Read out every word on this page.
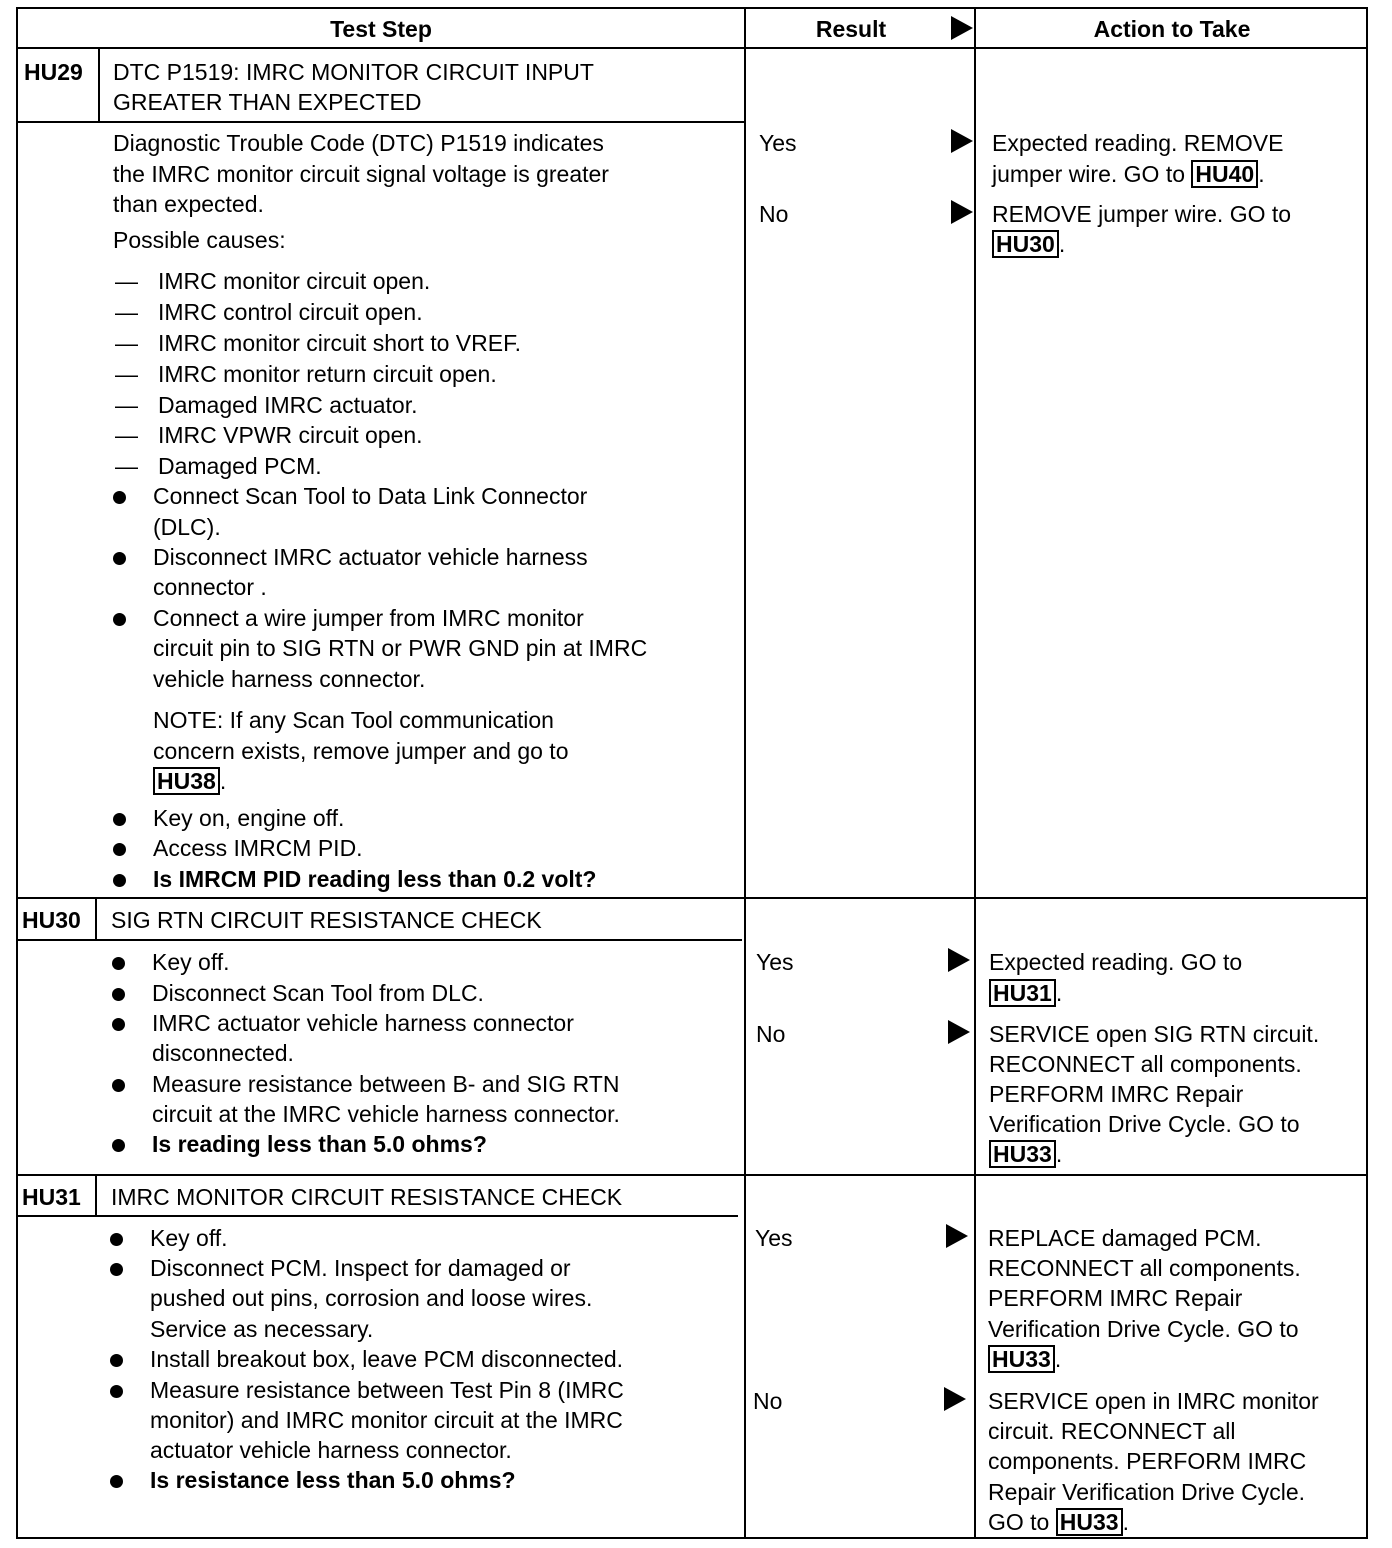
Test Step	Result	Action to Take
HU29 DTC P1519: IMRC MONITOR CIRCUIT INPUT
GREATER THAN EXPECTED
Diagnostic Trouble Code (DTC) P1519 indicates
the IMRC monitor circuit signal voltage is greater
than expected.
Possible causes:
— IMRC monitor circuit open.
— IMRC control circuit open.
— IMRC monitor circuit short to VREF.
— IMRC monitor return circuit open.
— Damaged IMRC actuator.
— IMRC VPWR circuit open.
— Damaged PCM.
Connect Scan Tool to Data Link Connector
(DLC).
Disconnect IMRC actuator vehicle harness
connector .
Connect a wire jumper from IMRC monitor
circuit pin to SIG RTN or PWR GND pin at IMRC
vehicle harness connector.
NOTE: If any Scan Tool communication
concern exists, remove jumper and go to
HU38 .
Key on, engine off.
Access IMRCM PID.
Is IMRCM PID reading less than 0.2 volt?
Yes
No
Expected reading. REMOVE
jumper wire. GO to HU40 .
REMOVE jumper wire. GO to
HU30 .
HU30 SIG RTN CIRCUIT RESISTANCE CHECK
Key off.
Disconnect Scan Tool from DLC.
IMRC actuator vehicle harness connector
disconnected.
Measure resistance between B- and SIG RTN
circuit at the IMRC vehicle harness connector.
Is reading less than 5.0 ohms?
Yes
No
Expected reading. GO to
HU31 .
SERVICE open SIG RTN circuit.
RECONNECT all components.
PERFORM IMRC Repair
Verification Drive Cycle. GO to
HU33 .
HU31 IMRC MONITOR CIRCUIT RESISTANCE CHECK
Key off.
Disconnect PCM. Inspect for damaged or
pushed out pins, corrosion and loose wires.
Service as necessary.
Install breakout box, leave PCM disconnected.
Measure resistance between Test Pin 8 (IMRC
monitor) and IMRC monitor circuit at the IMRC
actuator vehicle harness connector.
Is resistance less than 5.0 ohms?
Yes
No
REPLACE damaged PCM.
RECONNECT all components.
PERFORM IMRC Repair
Verification Drive Cycle. GO to
HU33 .
SERVICE open in IMRC monitor
circuit. RECONNECT all
components. PERFORM IMRC
Repair Verification Drive Cycle.
GO to HU33 .
